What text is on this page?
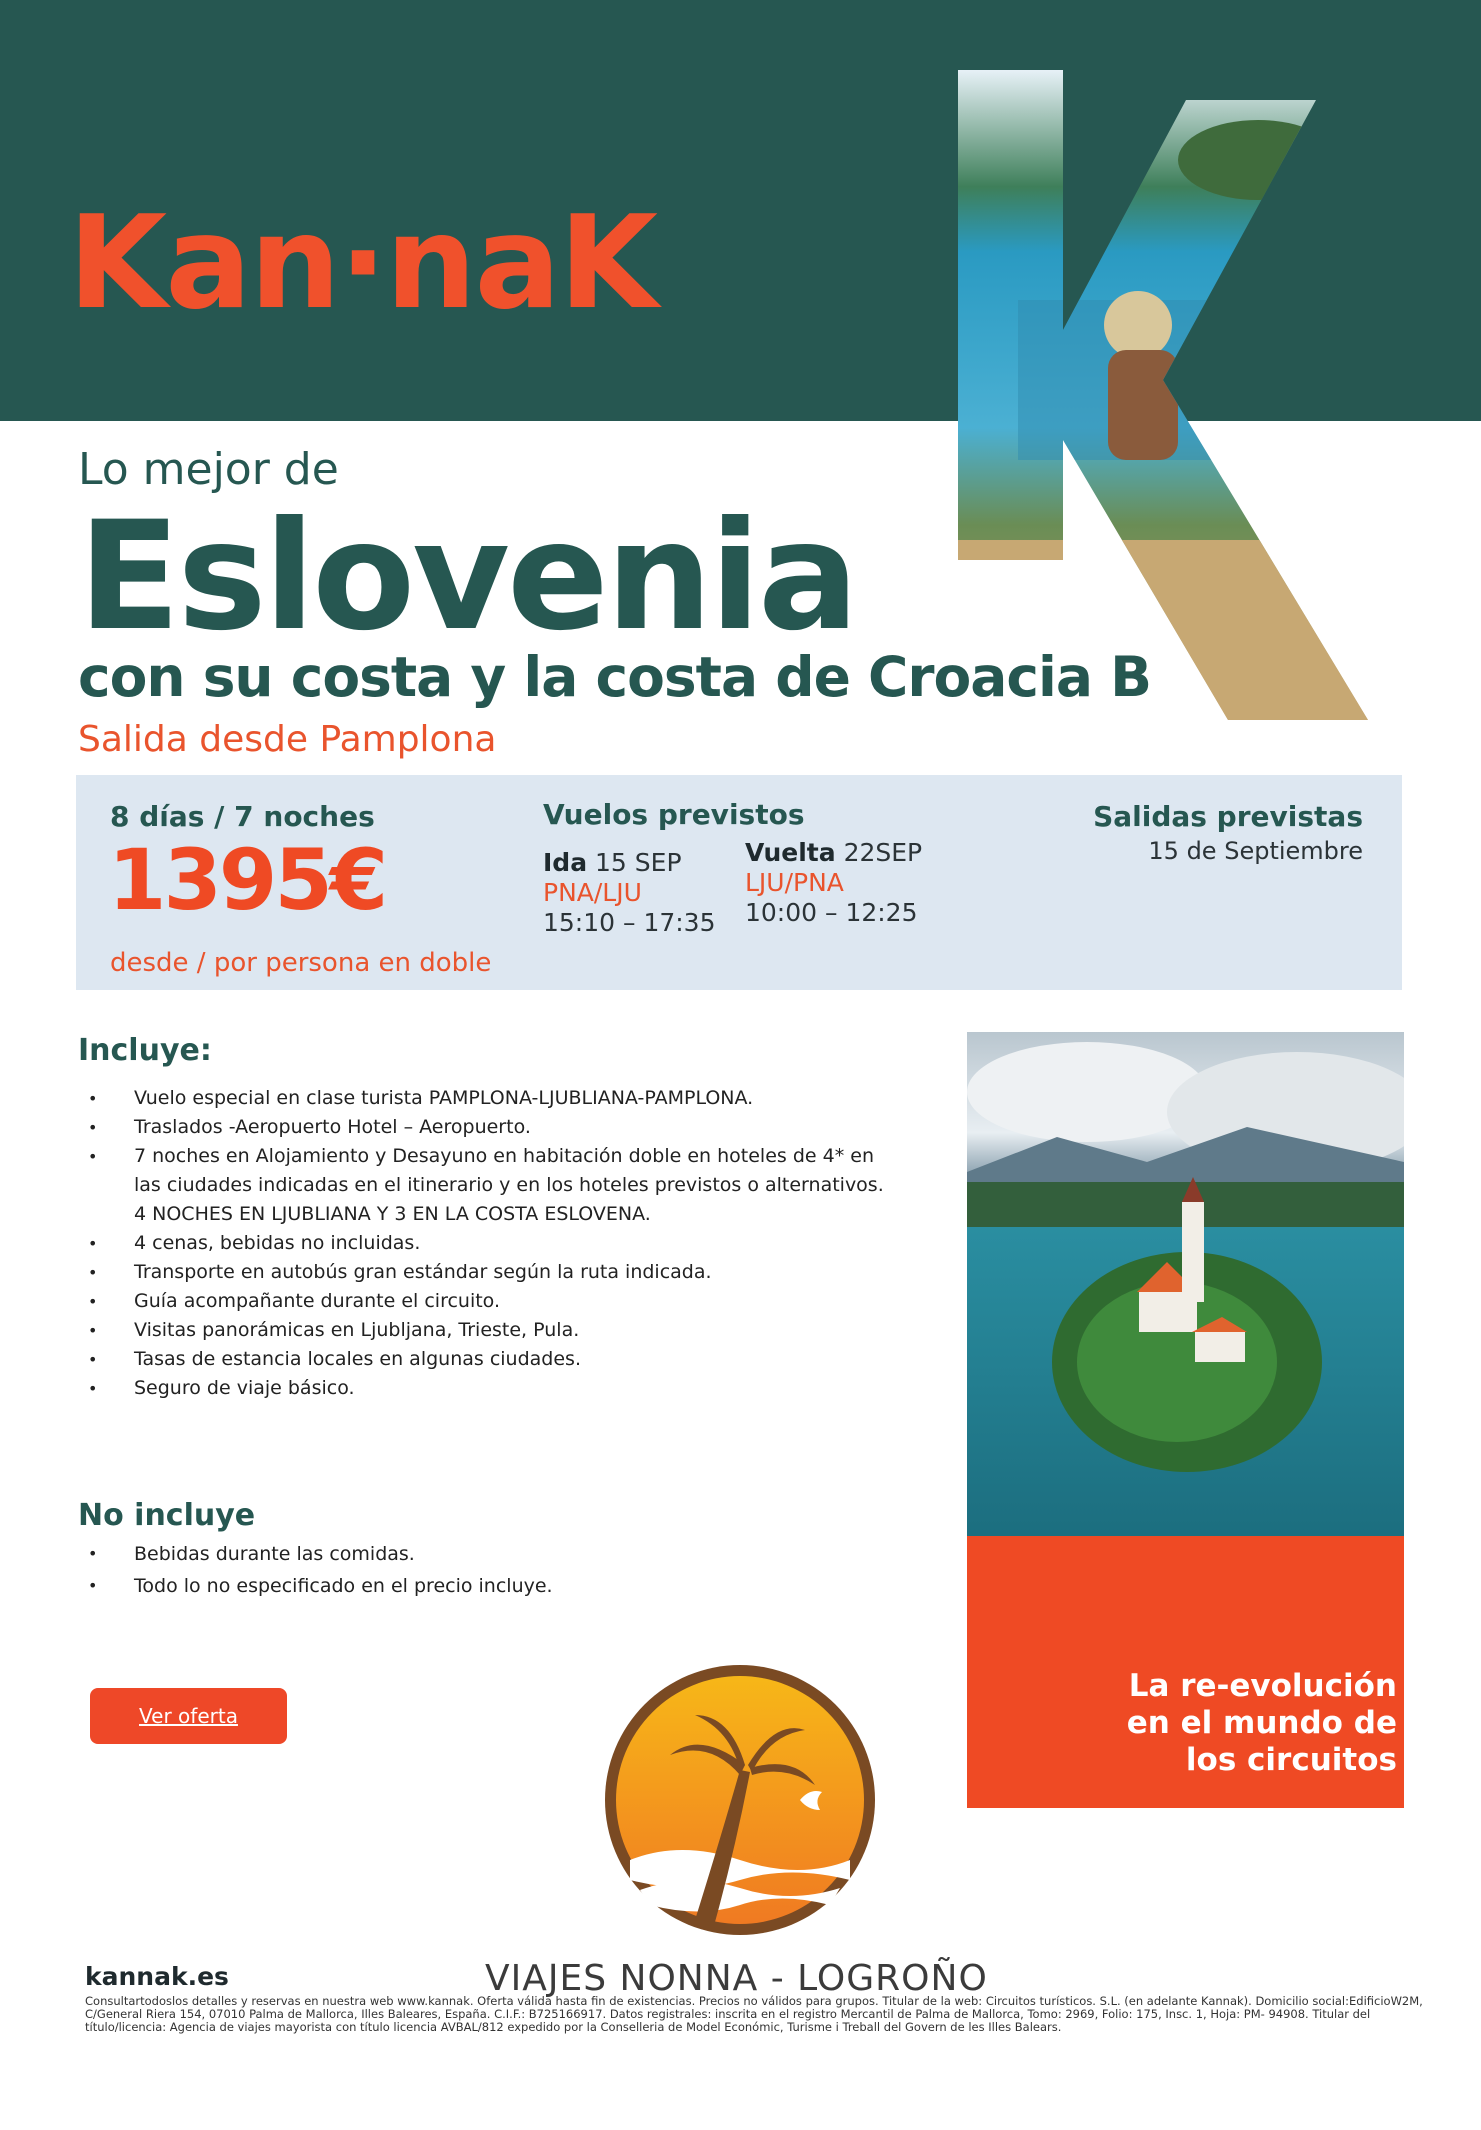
Kan·naK
Lo mejor de
Eslovenia
con su costa y la costa de Croacia B
Salida desde Pamplona
8 días / 7 noches
1395€
desde / por persona en doble
Vuelos previstos
Ida 15 SEP
PNA/LJU
15:10 – 17:35
Vuelta 22SEP
LJU/PNA
10:00 – 12:25
Salidas previstas
15 de Septiembre
Incluye:
• Vuelo especial en clase turista PAMPLONA-LJUBLIANA-PAMPLONA.
• Traslados -Aeropuerto Hotel – Aeropuerto.
• 7 noches en Alojamiento y Desayuno en habitación doble en hoteles de 4* en las ciudades indicadas en el itinerario y en los hoteles previstos o alternativos. 4 NOCHES EN LJUBLIANA Y 3 EN LA COSTA ESLOVENA.
• 4 cenas, bebidas no incluidas.
• Transporte en autobús gran estándar según la ruta indicada.
• Guía acompañante durante el circuito.
• Visitas panorámicas en Ljubljana, Trieste, Pula.
• Tasas de estancia locales en algunas ciudades.
• Seguro de viaje básico.
No incluye
• Bebidas durante las comidas.
• Todo lo no especificado en el precio incluye.
Ver oferta
La re-evolución
en el mundo de
los circuitos
kannak.es	VIAJES NONNA - LOGROÑO
Consultartodoslos detalles y reservas en nuestra web www.kannak. Oferta válida hasta fin de existencias. Precios no válidos para grupos. Titular de la web: Circuitos turísticos. S.L. (en adelante Kannak). Domicilio social:EdificioW2M, C/General Riera 154, 07010 Palma de Mallorca, Illes Baleares, España. C.I.F.: B725166917. Datos registrales: inscrita en el registro Mercantil de Palma de Mallorca, Tomo: 2969, Folio: 175, Insc. 1, Hoja: PM- 94908. Titular del título/licencia: Agencia de viajes mayorista con título licencia AVBAL/812 expedido por la Conselleria de Model Económic, Turisme i Treball del Govern de les Illes Balears.
